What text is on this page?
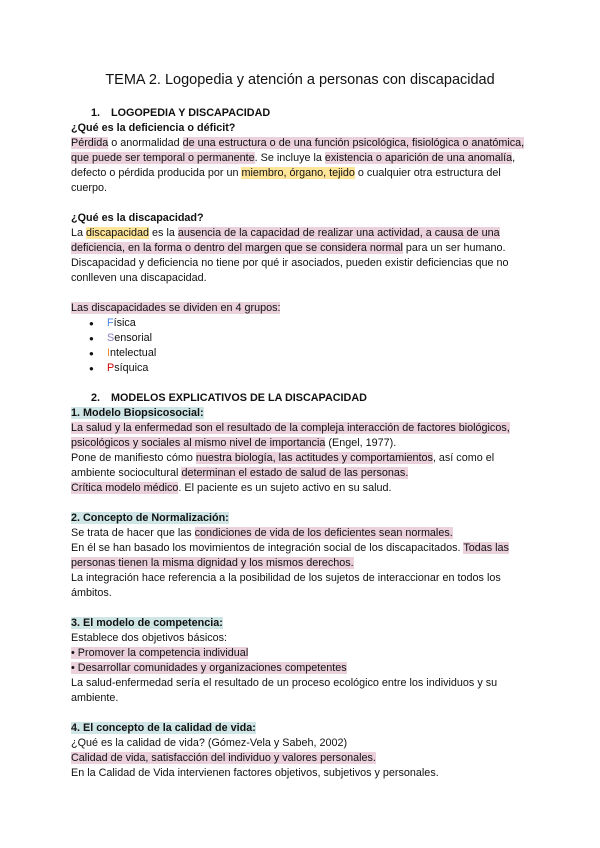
TEMA 2. Logopedia y atención a personas con discapacidad
1. LOGOPEDIA Y DISCAPACIDAD
¿Qué es la deficiencia o déficit?
Pérdida o anormalidad de una estructura o de una función psicológica, fisiológica o anatómica, que puede ser temporal o permanente. Se incluye la existencia o aparición de una anomalía, defecto o pérdida producida por un miembro, órgano, tejido o cualquier otra estructura del cuerpo.
¿Qué es la discapacidad?
La discapacidad es la ausencia de la capacidad de realizar una actividad, a causa de una deficiencia, en la forma o dentro del margen que se considera normal para un ser humano. Discapacidad y deficiencia no tiene por qué ir asociados, pueden existir deficiencias que no conlleven una discapacidad.
Las discapacidades se dividen en 4 grupos:
● Física
● Sensorial
● Intelectual
● Psíquica
2. MODELOS EXPLICATIVOS DE LA DISCAPACIDAD
1. Modelo Biopsicosocial:
La salud y la enfermedad son el resultado de la compleja interacción de factores biológicos, psicológicos y sociales al mismo nivel de importancia (Engel, 1977).
Pone de manifiesto cómo nuestra biología, las actitudes y comportamientos, así como el ambiente sociocultural determinan el estado de salud de las personas.
Crítica modelo médico. El paciente es un sujeto activo en su salud.
2. Concepto de Normalización:
Se trata de hacer que las condiciones de vida de los deficientes sean normales.
En él se han basado los movimientos de integración social de los discapacitados. Todas las personas tienen la misma dignidad y los mismos derechos.
La integración hace referencia a la posibilidad de los sujetos de interaccionar en todos los ámbitos.
3. El modelo de competencia:
Establece dos objetivos básicos:
• Promover la competencia individual
• Desarrollar comunidades y organizaciones competentes
La salud-enfermedad sería el resultado de un proceso ecológico entre los individuos y su ambiente.
4. El concepto de la calidad de vida:
¿Qué es la calidad de vida? (Gómez-Vela y Sabeh, 2002)
Calidad de vida, satisfacción del individuo y valores personales.
En la Calidad de Vida intervienen factores objetivos, subjetivos y personales.
